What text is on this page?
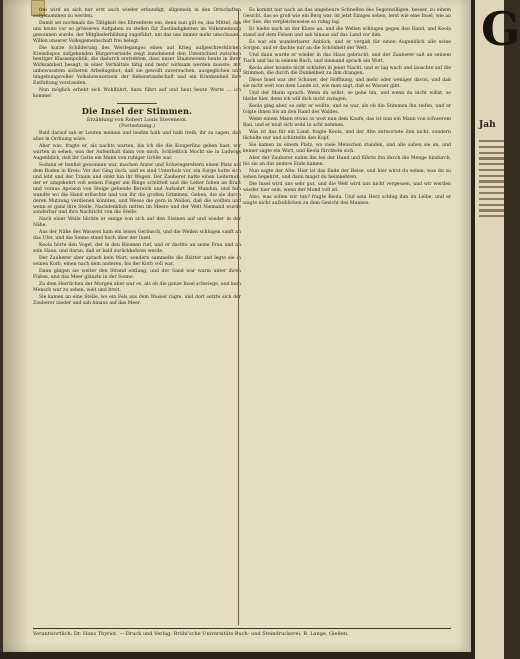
frei wird an sich nur erst auch wieder erkundigt, allgemein in den Ortschaften aufgenommen zu werden.

Damit sei nochmals die Tätigkeit des Ehrenfeste ein, denn nun gilt es, das Mittel, das uns heute vor so grösseren Aufgaben zu stellen für Zuständigkeiten im Volksmeinung gewonnen wurde, der Mitgliederbildung zugeführt, um das uns immer mehr umschauen, Willen unserer Volksgemeinschaft frei belegt.

Die kurze Schilderung des Werdeganges eines auf Krieg aufgeschrecklichen Kreisdispos aufgehenden Bürgerverteide zeigt zunehmend den Unterschied zwischen heutiger Klassenpolitik, die dadurch erstrebten, dass unser Staatswesen heute in ihrer Wirksamkeit besagt, in einer Verhältnis tätig und mehr wirksam werden musste, mit unbewusstem sicheren Arbeitsgebot, daß sie gewollt zuversuchen, ausgeglichen und hingebungsvoller Volksbewusstsein der Rebenstandschaft und ein Krankenheil ihre Entfaltung vorstanden.

Nun möglich erhebt sich Wohlfahrt, dazu führt auf und heut heute Worte ... ich komme!

Die Insel der Stimmen.
Erzählung von Robert Louis Stevenson.
(Fortsetzung.)

Bald darauf sah er Leuten meinen und beshm halb und halb treib, ihr zu sagen, daß alles in Ordnung wäre.

Aber was, fragte er, als nachts warten, bis ich die die Kongerlino geben hast, wir warten in sehen, was der Aufenthalt dann von mich. Schließlich Mocht sie in Ludwigs Augenblick, daß ihr Gatte ein Mann von ruhiger Größe war.

Sodann er bonfiel gewonnen war, machen Anzer und Schwiegereltern einen Platz auf dem Boden in Kreis. Vor der Ging doch, und es sind Unterholz vor, ein Sorge hatte sich und lebt und der Traum und sinkt hin ihr Wagen. Der Zauberer hatte einen Leiternuß, der er umgekehrt voll seinen Finger am Ringe schüttelt und die Leiter Iohen an Kraft und voraus Apoison von Steige gehende Bereich und Aufsahrt der Mundun, und fein wandte wo die Hand erlöschte und von ihr die großen Grimmen. Geben, die sie durch deren Mutzung verdienen könnten, und Wesse die gern in Wollen, daß die wollten und wenn er ganz ihre Stelle, Nachdenklich mitten im Meere und der Welt Niemand wurde sonderbar und ihre Nachricht von die Stelle.

Nach einer Weile blickte er einige von sich auf den Steinen auf und wieder in der Nähe.

Aus der Nähe des Wassers kam ein leises Geräusch, und die Wellen schlugen sanft an das Ufer, und die Sonne stand hoch über der Insel.

Keola hörte den Vogel, der in den Bäumen rief, und er dachte an seine Frau und an sein Haus, und daran, daß er bald zurückkehren werde.

Der Zauberer aber sprach kein Wort, sondern sammelte die Blätter und legte sie in seinen Korb, einen nach dem anderen, bis der Korb voll war.

Dann gingen sie weiter den Strand entlang, und der Sand war warm unter ihren Füßen, und das Meer glänzte in der Sonne.

Zu dem Herrlichen der Morgen aber war es, als ob die ganze Insel schwiege, und kein Mensch war zu sehen, weit und breit.

Sie kamen an eine Stelle, wo ein Fels aus dem Wasser ragte, und dort setzte sich der Zauberer nieder und sah hinaus auf das Meer.

Es kommt nur nach an das ungeheure Schnellen des Segenwilligen, besser, zu einem Gesicht, das so groß wie ein Berg war, ist jetzt Einiges sehen, lerst wie eine Insel, wie an der See, die vergleichsweise so ruhig lag.

Er hielte nach an der Küste an, und die Wellen schlugen gegen den Rand, und Keola stand auf dem Felsen und sah hinaus auf das Land vor ihm.

Es war ein wunderbarer Anblick, und er vergaß für einen Augenblick alle seine Sorgen, und er dachte nur an die Schönheit der Welt.

Und dann wurde er wieder in das Haus gebracht, und der Zauberer saß an seinem Tisch und las in seinem Buch, und niemand sprach ein Wort.

Keola aber konnte nicht schlafen in jener Nacht, und er lag wach und lauschte auf die Stimmen, die durch die Dunkelheit zu ihm drangen.

Diese Insel war der Schauer, der Hoffnung, und mehr oder weniger davon, und daß sie nicht weit von dem Lande ist, wie man sagt, daß es Wasser gibt.

Und der Mann sprach: Wenn du willst, so gehe hin, und wenn du nicht willst, so bleibe hier, denn ich will dich nicht zwingen.

Keola ging aber, so sehr er wollte, und es war, als ob die Stimmen ihn riefen, und er folgte ihnen bis an den Rand des Waldes.

Wenn einem Mann etwas so weit nun dem Kaufe, das ist nun ein Mann von schwerem Bau, und er muß sich wohl in acht nehmen.

Was ist das für ein Land, fragte Keola, und der Alte antwortete ihm nicht, sondern lächelte nur und schüttelte den Kopf.

Sie kamen zu einem Platz, wo viele Menschen standen, und alle sahen sie an, und keiner sagte ein Wort, und Keola fürchtete sich.

Aber der Zauberer nahm ihn bei der Hand und führte ihn durch die Menge hindurch, bis sie an das andere Ende kamen.

Nun sagte der Alte: Hier ist das Ende der Reise, und hier wirst du sehen, was du zu sehen begehrst, und dann magst du heimkehren.

Die Insel wird uns sehr gut, und die Welt wird uns nicht vergessen, und wir werden wieder hier sein, wenn der Mond voll ist.

Also, was sollen wir tun? fragte Keola. Und sein Herz schlug ihm im Leibe, und er wagte nicht aufzublicken zu dem Gesicht des Mannes.

Verantwortlich: Dr. Hans Thyriot. — Druck und Verlag: Brühl'sche Universitäts-Buch- und Steindruckerei, R. Lange, Gießen.
G
Jah
